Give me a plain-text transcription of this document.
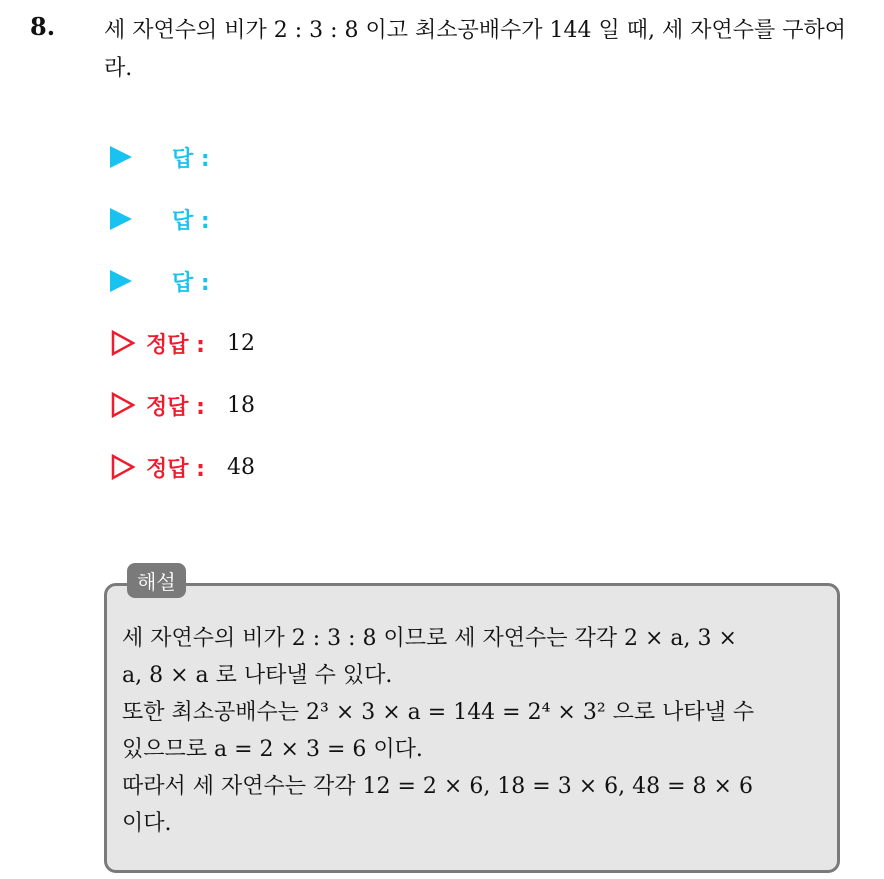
8. 세 자연수의 비가 2 : 3 : 8 이고 최소공배수가 144 일 때, 세 자연수를 구하여라.
답 :
답 :
답 :
정답 : 12
정답 : 18
정답 : 48
해설
세 자연수의 비가 2 : 3 : 8 이므로 세 자연수는 각각 2 × a, 3 ×
a, 8 × a 로 나타낼 수 있다.
또한 최소공배수는 2³ × 3 × a = 144 = 2⁴ × 3² 으로 나타낼 수
있으므로 a = 2 × 3 = 6 이다.
따라서 세 자연수는 각각 12 = 2 × 6, 18 = 3 × 6, 48 = 8 × 6
이다.
